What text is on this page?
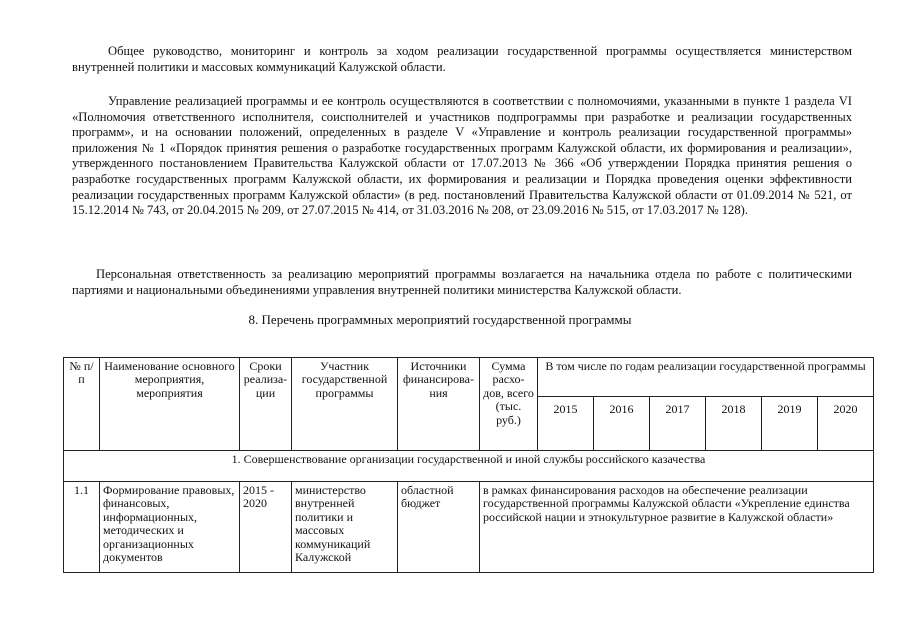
Общее руководство, мониторинг и контроль за ходом реализации государственной программы осуществляется министерством внутренней политики и массовых коммуникаций Калужской области.

Управление реализацией программы и ее контроль осуществляются в соответствии с полномочиями, указанными в пункте 1 раздела VI «Полномочия ответственного исполнителя, соисполнителей и участников подпрограммы при разработке и реализации государственных программ», и на основании положений, определенных в разделе V «Управление и контроль реализации государственной программы» приложения № 1 «Порядок принятия решения о разработке государственных программ Калужской области, их формирования и реализации», утвержденного постановлением Правительства Калужской области от 17.07.2013 № 366 «Об утверждении Порядка принятия решения о разработке государственных программ Калужской области, их формирования и реализации и Порядка проведения оценки эффективности реализации государственных программ Калужской области» (в ред. постановлений Правительства Калужской области от 01.09.2014 № 521, от 15.12.2014 № 743, от 20.04.2015 № 209, от 27.07.2015 № 414, от 31.03.2016 № 208, от 23.09.2016 № 515, от 17.03.2017 № 128).

Персональная ответственность за реализацию мероприятий программы возлагается на начальника отдела по работе с политическими партиями и национальными объединениями управления внутренней политики министерства Калужской области.

8. Перечень программных мероприятий государственной программы

№ п/п	Наименование основного мероприятия, мероприятия	Сроки реализа-ции	Участник государственной программы	Источники финансирова-ния	Сумма расхо-дов, всего (тыс. руб.)	В том числе по годам реализации государственной программы					
						2015	2016	2017	2018	2019	2020
1. Совершенствование организации государственной и иной службы российского казачества											
1.1	Формирование правовых, финансовых, информационных, методических и организационных документов	2015 - 2020	министерство внутренней политики и массовых коммуникаций Калужской	областной бюджет	в рамках финансирования расходов на обеспечение реализации государственной программы Калужской области «Укрепление единства российской нации и этнокультурное развитие в Калужской области»						
